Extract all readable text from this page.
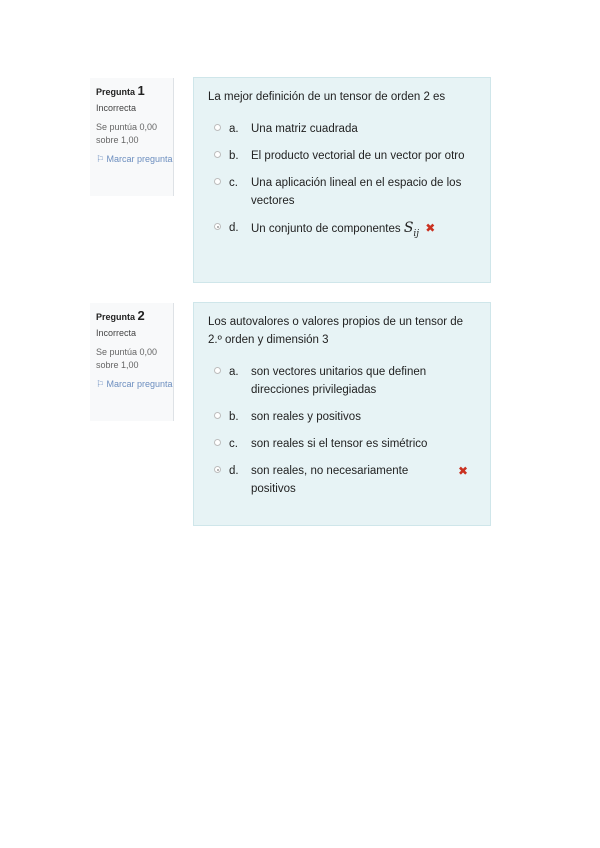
Pregunta 1
Incorrecta
Se puntúa 0,00 sobre 1,00
⚐ Marcar pregunta
La mejor definición de un tensor de orden 2 es
a.	Una matriz cuadrada
b.	El producto vectorial de un vector por otro
c.	Una aplicación lineal en el espacio de los vectores
d.	Un conjunto de componentes $S_{ij}$ ✖
Pregunta 2
Incorrecta
Se puntúa 0,00 sobre 1,00
⚐ Marcar pregunta
Los autovalores o valores propios de un tensor de 2.º orden y dimensión 3
a.	son vectores unitarios que definen direcciones privilegiadas
b.	son reales y positivos
c.	son reales si el tensor es simétrico
d.	son reales, no necesariamente positivos
✖
